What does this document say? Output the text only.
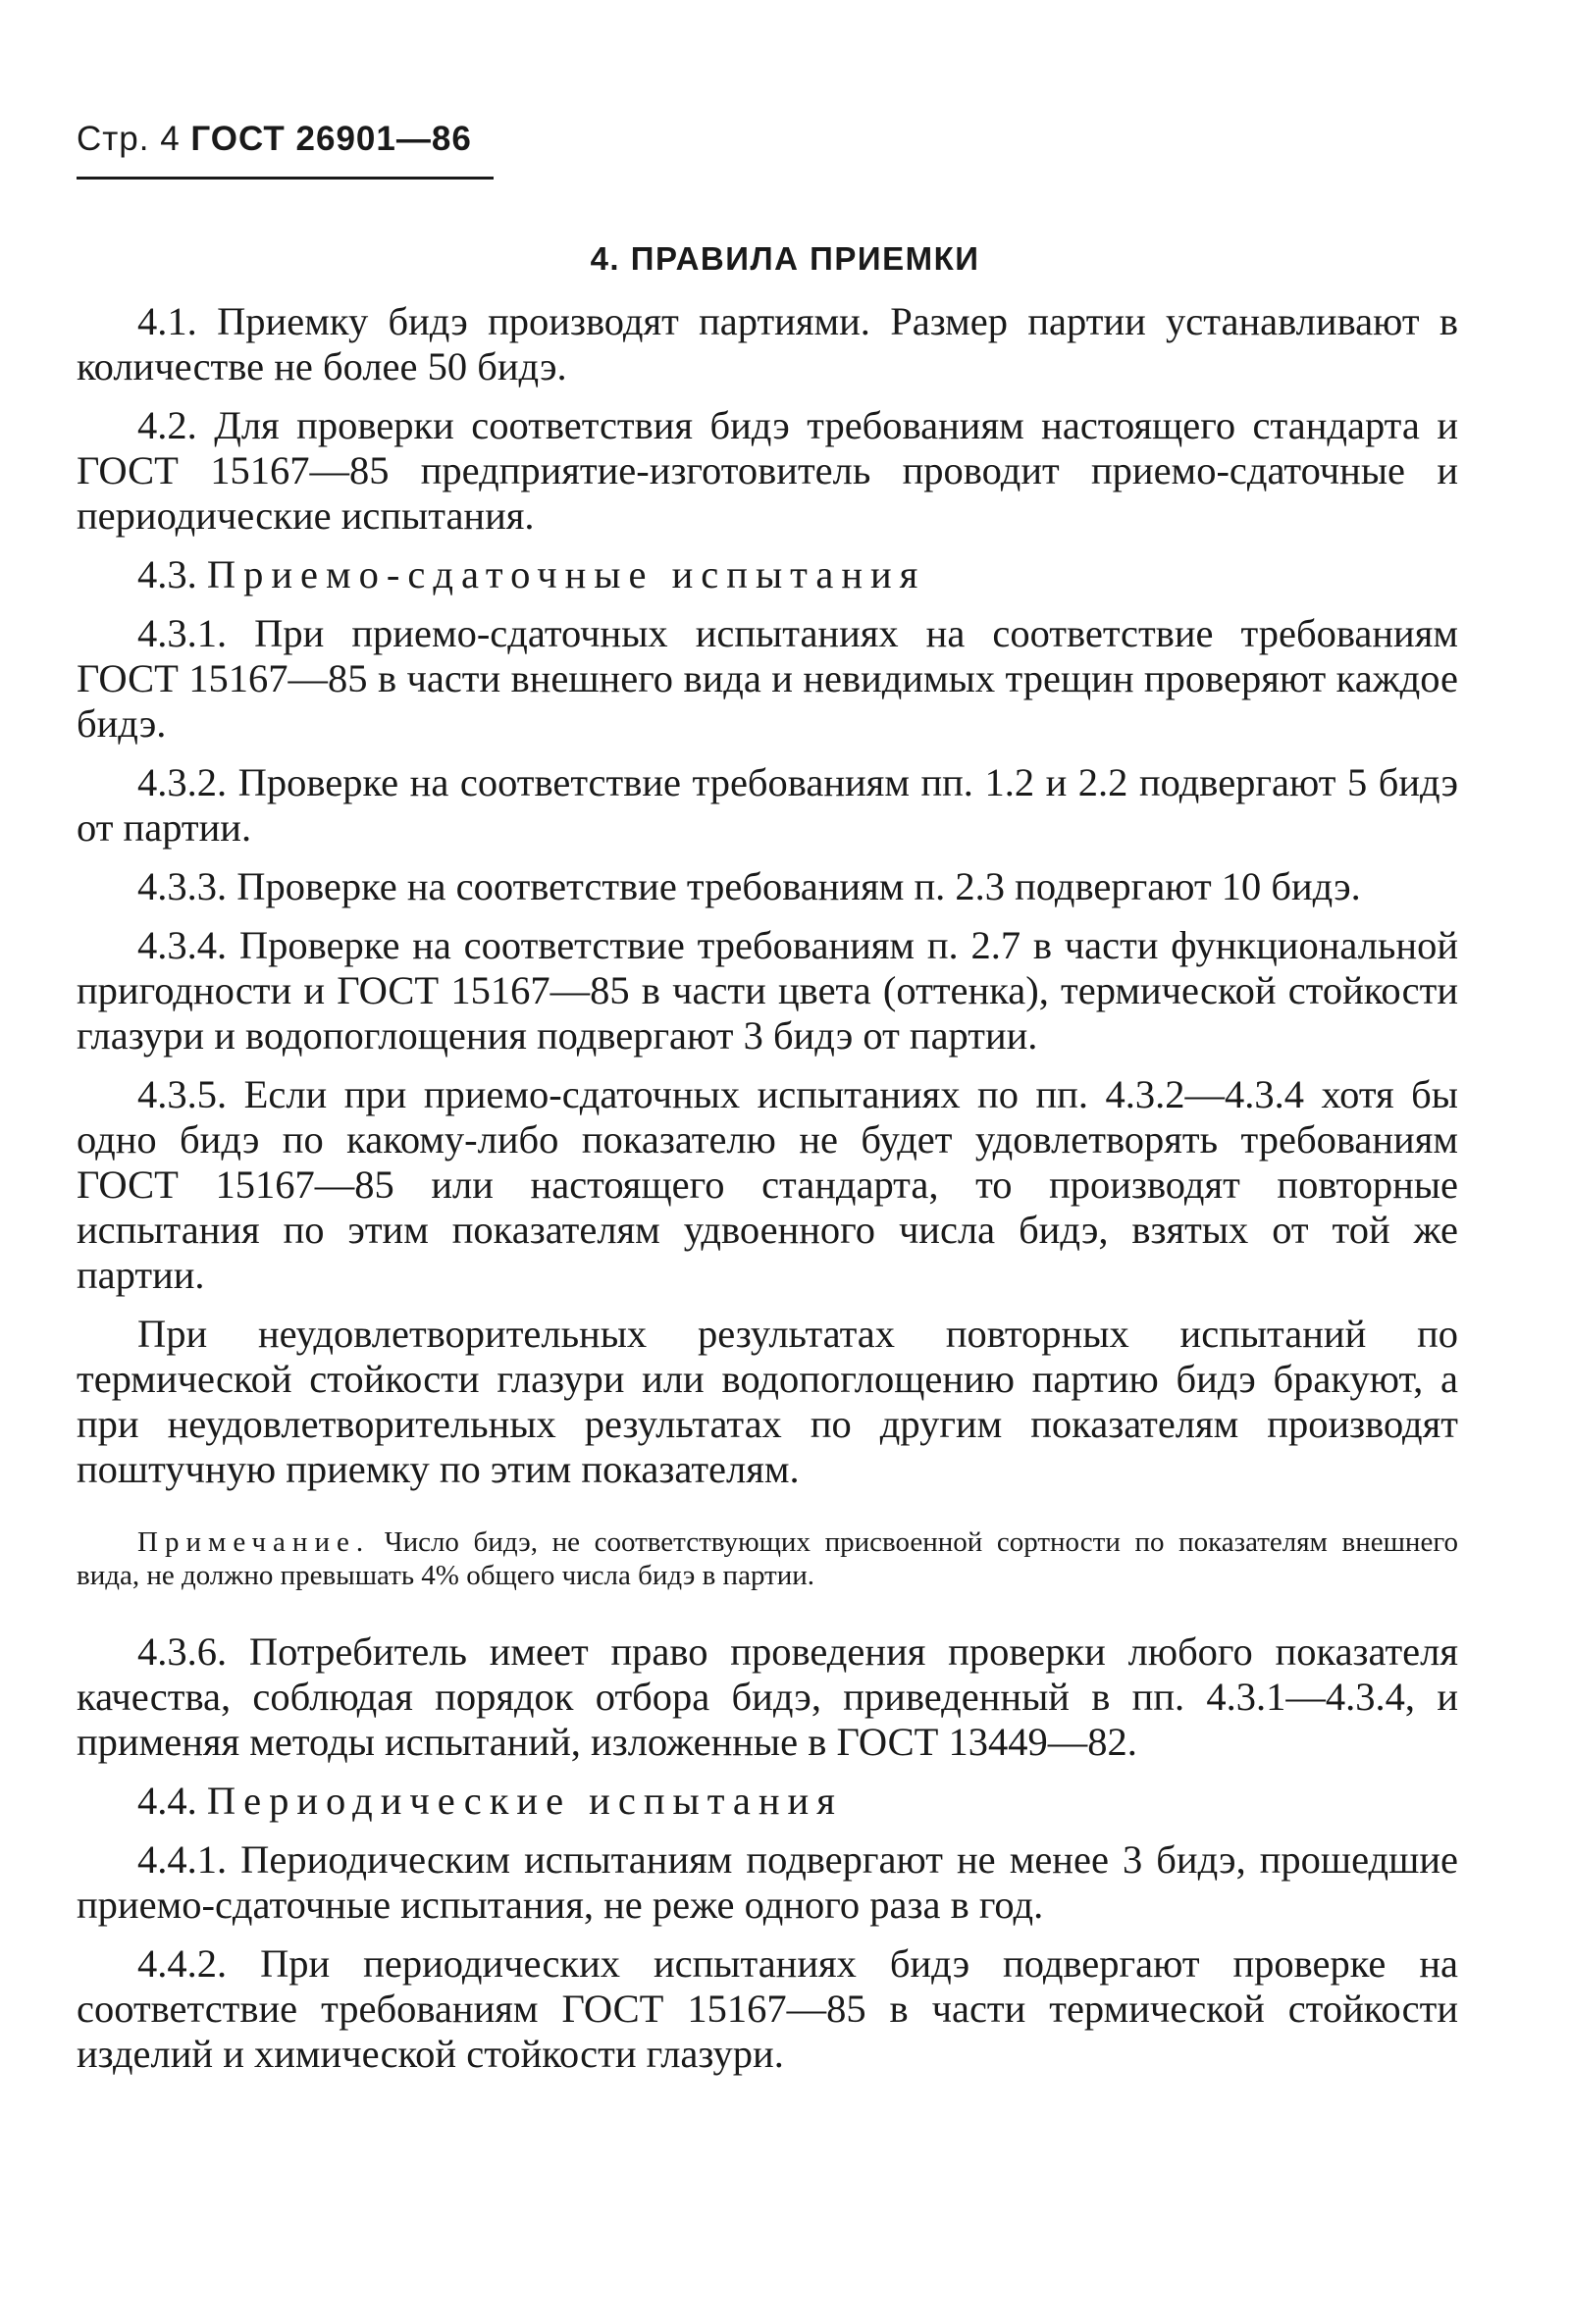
Стр. 4 ГОСТ 26901—86
4. ПРАВИЛА ПРИЕМКИ

4.1. Приемку бидэ производят партиями. Размер партии устанавливают в количестве не более 50 бидэ.

4.2. Для проверки соответствия бидэ требованиям настоящего стандарта и ГОСТ 15167—85 предприятие-изготовитель проводит приемо-сдаточные и периодические испытания.

4.3. Приемо-сдаточные испытания

4.3.1. При приемо-сдаточных испытаниях на соответствие требованиям ГОСТ 15167—85 в части внешнего вида и невидимых трещин проверяют каждое бидэ.

4.3.2. Проверке на соответствие требованиям пп. 1.2 и 2.2 подвергают 5 бидэ от партии.

4.3.3. Проверке на соответствие требованиям п. 2.3 подвергают 10 бидэ.

4.3.4. Проверке на соответствие требованиям п. 2.7 в части функциональной пригодности и ГОСТ 15167—85 в части цвета (оттенка), термической стойкости глазури и водопоглощения подвергают 3 бидэ от партии.

4.3.5. Если при приемо-сдаточных испытаниях по пп. 4.3.2—4.3.4 хотя бы одно бидэ по какому-либо показателю не будет удовлетворять требованиям ГОСТ 15167—85 или настоящего стандарта, то производят повторные испытания по этим показателям удвоенного числа бидэ, взятых от той же партии.

При неудовлетворительных результатах повторных испытаний по термической стойкости глазури или водопоглощению партию бидэ бракуют, а при неудовлетворительных результатах по другим показателям производят поштучную приемку по этим показателям.

Примечание. Число бидэ, не соответствующих присвоенной сортности по показателям внешнего вида, не должно превышать 4% общего числа бидэ в партии.

4.3.6. Потребитель имеет право проведения проверки любого показателя качества, соблюдая порядок отбора бидэ, приведенный в пп. 4.3.1—4.3.4, и применяя методы испытаний, изложенные в ГОСТ 13449—82.

4.4. Периодические испытания

4.4.1. Периодическим испытаниям подвергают не менее 3 бидэ, прошедшие приемо-сдаточные испытания, не реже одного раза в год.

4.4.2. При периодических испытаниях бидэ подвергают проверке на соответствие требованиям ГОСТ 15167—85 в части термической стойкости изделий и химической стойкости глазури.
